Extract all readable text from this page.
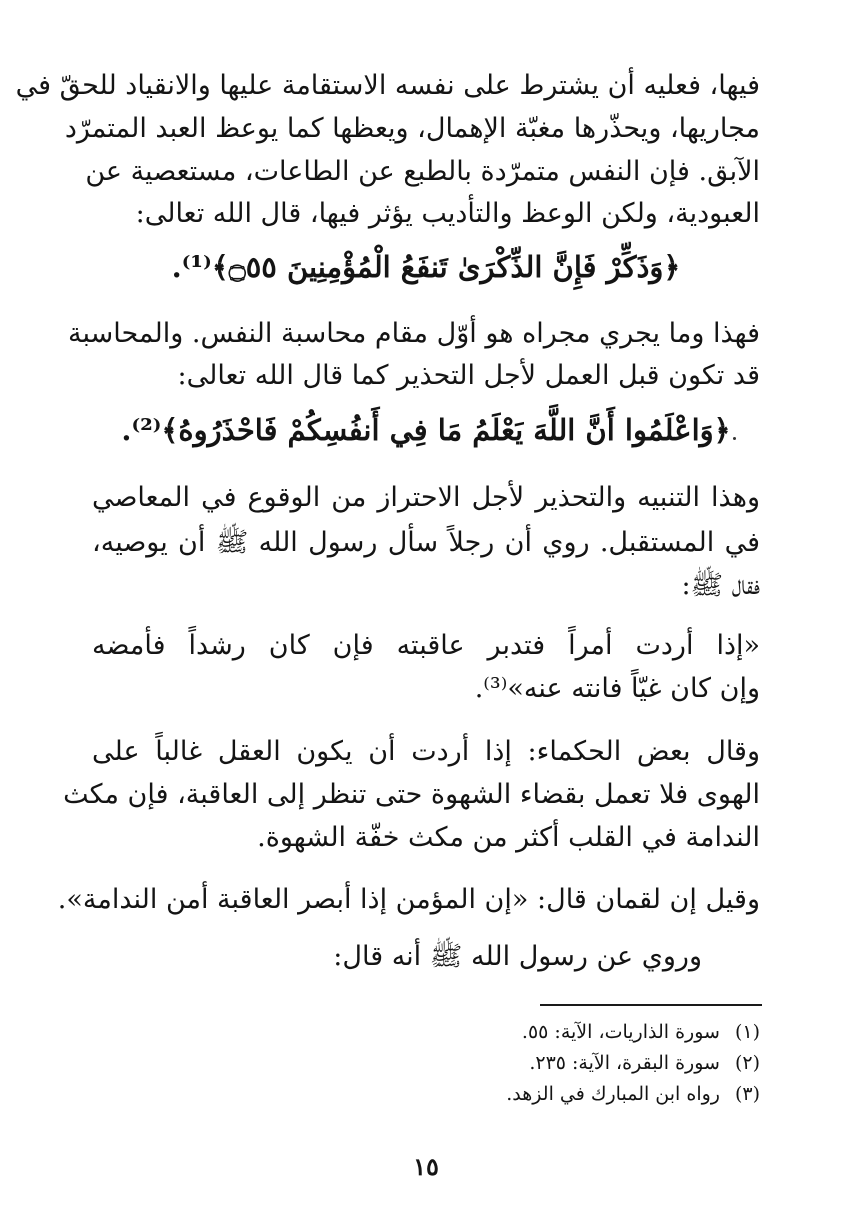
فيها، فعليه أن يشترط على نفسه الاستقامة عليها والانقياد للحقّ في
مجاريها، ويحذّرها مغبّة الإهمال، ويعظها كما يوعظ العبد المتمرّد
الآبق. فإن النفس متمرّدة بالطبع عن الطاعات، مستعصية عن
العبودية، ولكن الوعظ والتأديب يؤثر فيها، قال الله تعالى:
﴿وَذَكِّرْ فَإِنَّ الذِّكْرَىٰ تَنفَعُ الْمُؤْمِنِينَ ۝٥٥﴾⁽¹⁾.
فهذا وما يجري مجراه هو أوّل مقام محاسبة النفس. والمحاسبة
قد تكون قبل العمل لأجل التحذير كما قال الله تعالى:
﴿وَاعْلَمُوا أَنَّ اللَّهَ يَعْلَمُ مَا فِي أَنفُسِكُمْ فَاحْذَرُوهُ﴾⁽²⁾.
وهذا التنبيه والتحذير لأجل الاحتراز من الوقوع في المعاصي
في المستقبل. روي أن رجلاً سأل رسول الله ﷺ أن يوصيه،
فقال ﷺ:
«إذا أردت أمراً فتدبر عاقبته فإن كان رشداً فأمضه
وإن كان غيّاً فانته عنه»⁽³⁾.
وقال بعض الحكماء: إذا أردت أن يكون العقل غالباً على
الهوى فلا تعمل بقضاء الشهوة حتى تنظر إلى العاقبة، فإن مكث
الندامة في القلب أكثر من مكث خفّة الشهوة.
وقيل إن لقمان قال: «إن المؤمن إذا أبصر العاقبة أمن الندامة».
وروي عن رسول الله ﷺ أنه قال:
(١) سورة الذاريات، الآية: ٥٥.
(٢) سورة البقرة، الآية: ٢٣٥.
(٣) رواه ابن المبارك في الزهد.
١٥
